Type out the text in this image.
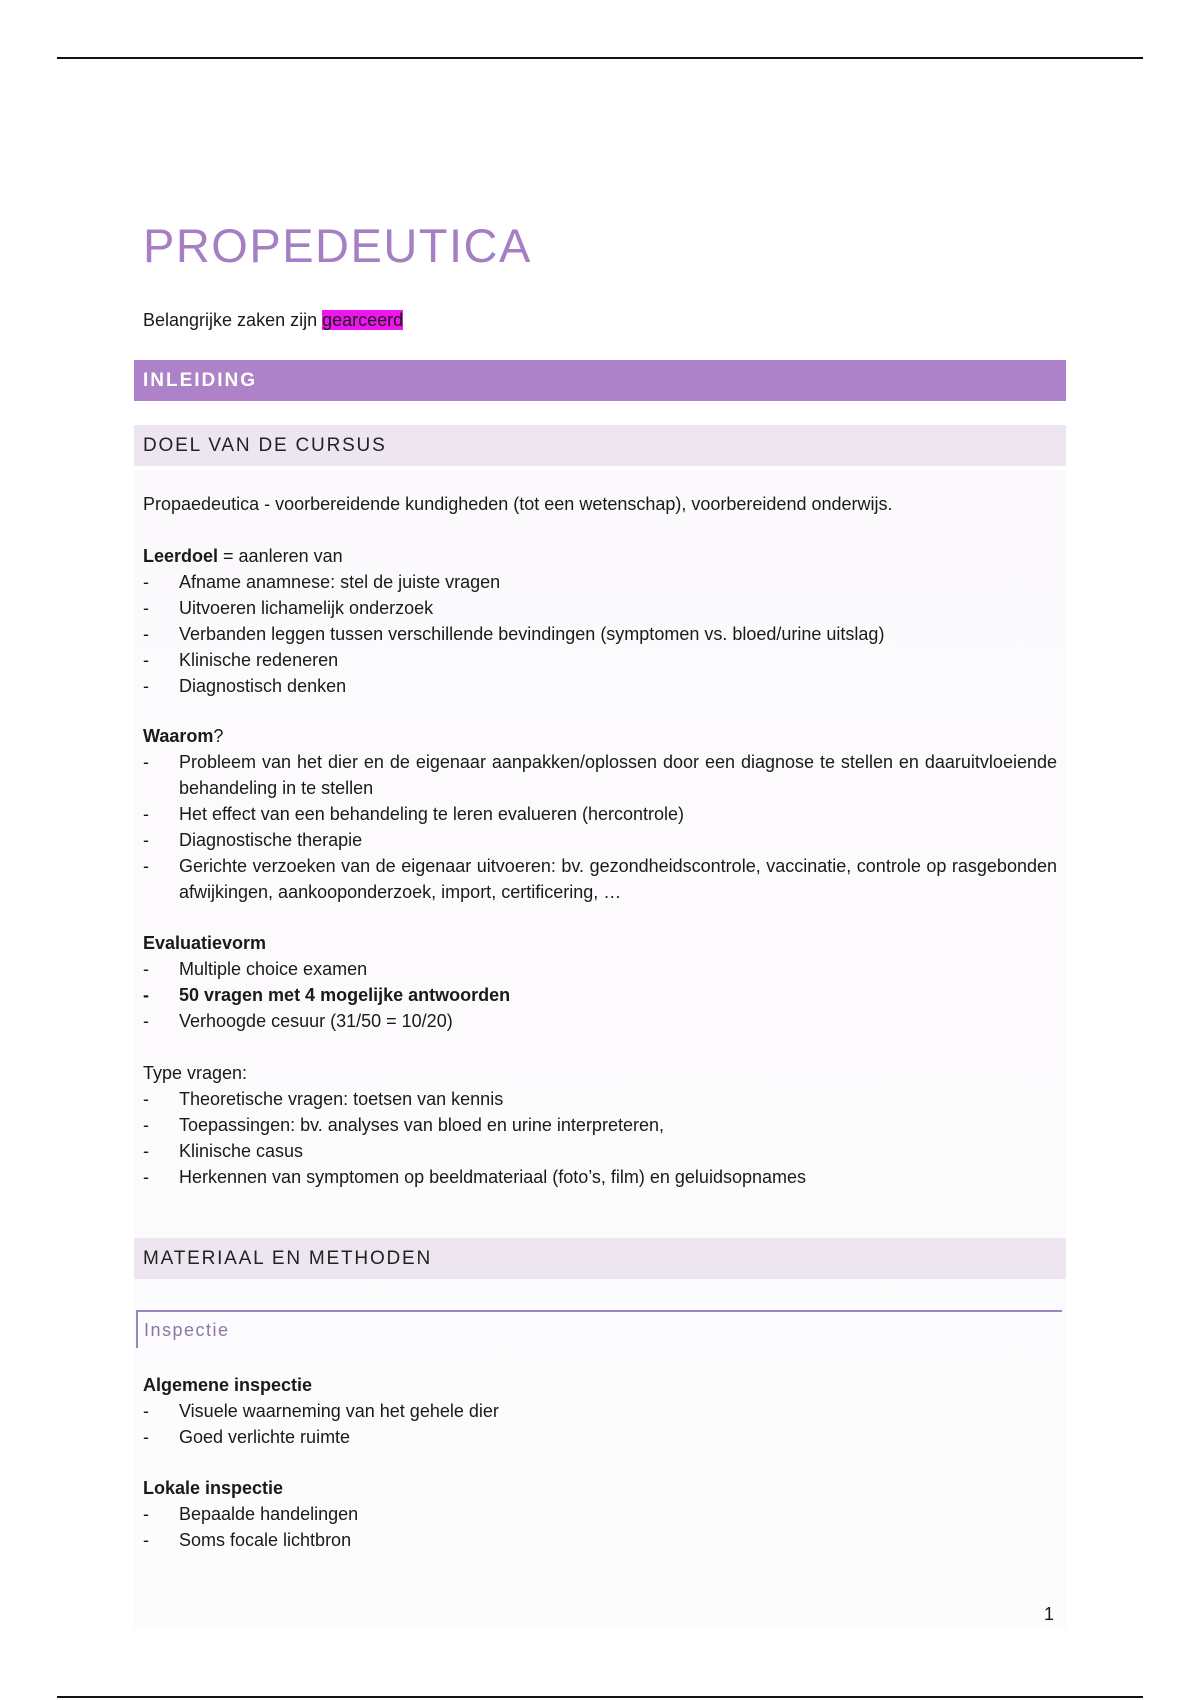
PROPEDEUTICA
Belangrijke zaken zijn gearceerd
INLEIDING
DOEL VAN DE CURSUS
Propaedeutica - voorbereidende kundigheden (tot een wetenschap), voorbereidend onderwijs.
Leerdoel = aanleren van
- Afname anamnese: stel de juiste vragen
- Uitvoeren lichamelijk onderzoek
- Verbanden leggen tussen verschillende bevindingen (symptomen vs. bloed/urine uitslag)
- Klinische redeneren
- Diagnostisch denken
Waarom?
- Probleem van het dier en de eigenaar aanpakken/oplossen door een diagnose te stellen en daaruitvloeiende behandeling in te stellen
- Het effect van een behandeling te leren evalueren (hercontrole)
- Diagnostische therapie
- Gerichte verzoeken van de eigenaar uitvoeren: bv. gezondheidscontrole, vaccinatie, controle op rasgebonden afwijkingen, aankooponderzoek, import, certificering, …
Evaluatievorm
- Multiple choice examen
- 50 vragen met 4 mogelijke antwoorden
- Verhoogde cesuur (31/50 = 10/20)
Type vragen:
- Theoretische vragen: toetsen van kennis
- Toepassingen: bv. analyses van bloed en urine interpreteren,
- Klinische casus
- Herkennen van symptomen op beeldmateriaal (foto’s, film) en geluidsopnames
MATERIAAL EN METHODEN
Inspectie
Algemene inspectie
- Visuele waarneming van het gehele dier
- Goed verlichte ruimte
Lokale inspectie
- Bepaalde handelingen
- Soms focale lichtbron
1
